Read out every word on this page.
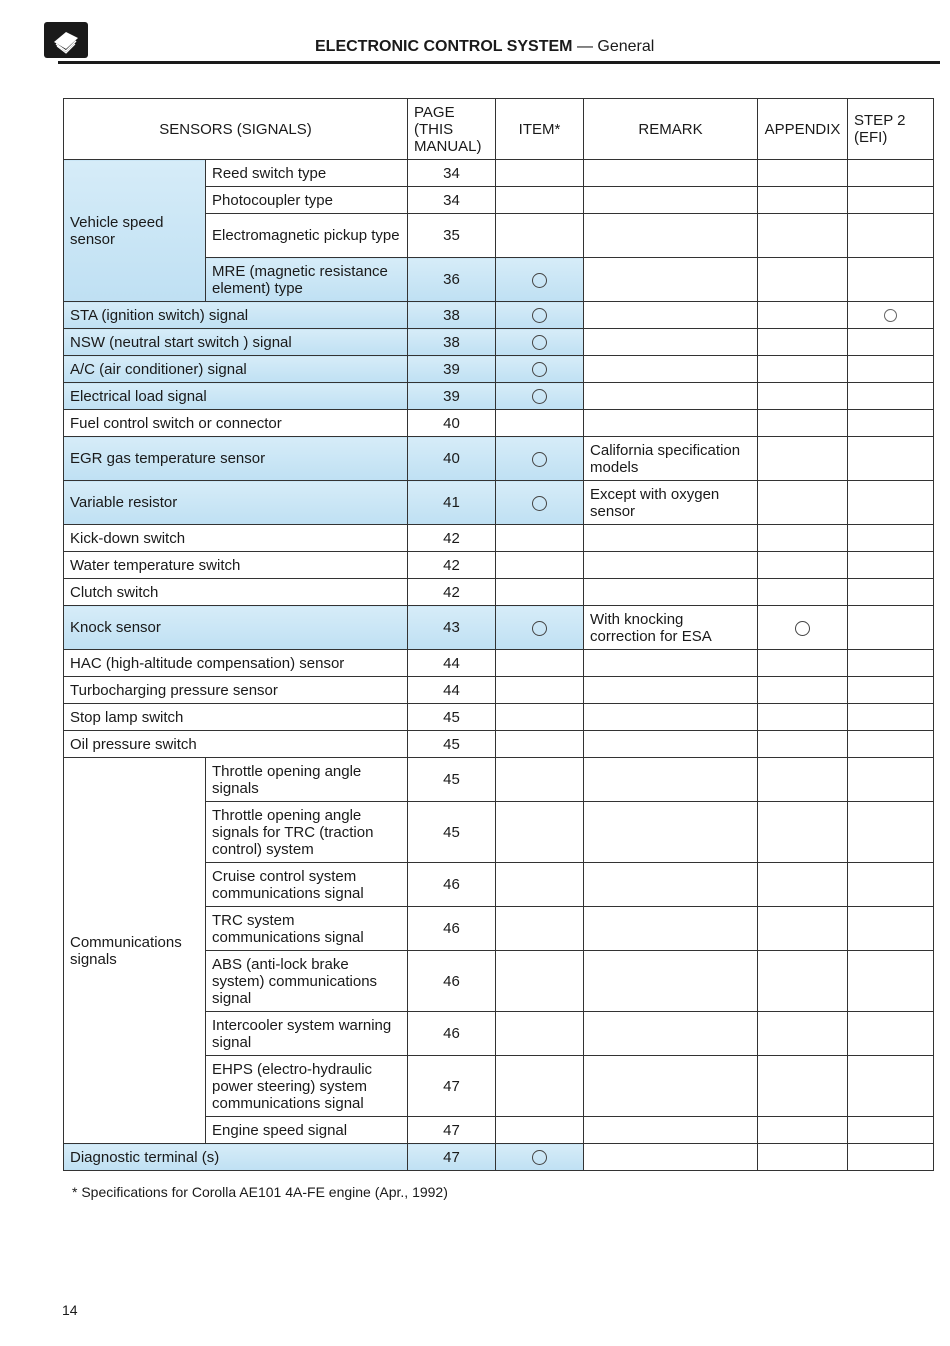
ELECTRONIC CONTROL SYSTEM — General
SENSORS (SIGNALS)		PAGE (THIS MANUAL)	ITEM*	REMARK	APPENDIX	STEP 2 (EFI)
Vehicle speed sensor	Reed switch type	34				
	Photocoupler type	34				
	Electromagnetic pickup type	35				
	MRE (magnetic resistance element) type	36				
STA (ignition switch) signal		38				
NSW (neutral start switch ) signal		38				
A/C (air conditioner) signal		39				
Electrical load signal		39				
Fuel control switch or connector		40				
EGR gas temperature sensor		40		California specification models		
Variable resistor		41		Except with oxygen sensor		
Kick-down switch		42				
Water temperature switch		42				
Clutch switch		42				
Knock sensor		43		With knocking correction for ESA		
HAC (high-altitude compensation) sensor		44				
Turbocharging pressure sensor		44				
Stop lamp switch		45				
Oil pressure switch		45				
Communications signals	Throttle opening angle signals	45				
	Throttle opening angle signals for TRC (traction control) system	45				
	Cruise control system communications signal	46				
	TRC system communications signal	46				
	ABS (anti-lock brake system) communications signal	46				
	Intercooler system warning signal	46				
	EHPS (electro-hydraulic power steering) system communications signal	47				
	Engine speed signal	47				
Diagnostic terminal (s)		47				
* Specifications for Corolla AE101 4A-FE engine (Apr., 1992)
14
